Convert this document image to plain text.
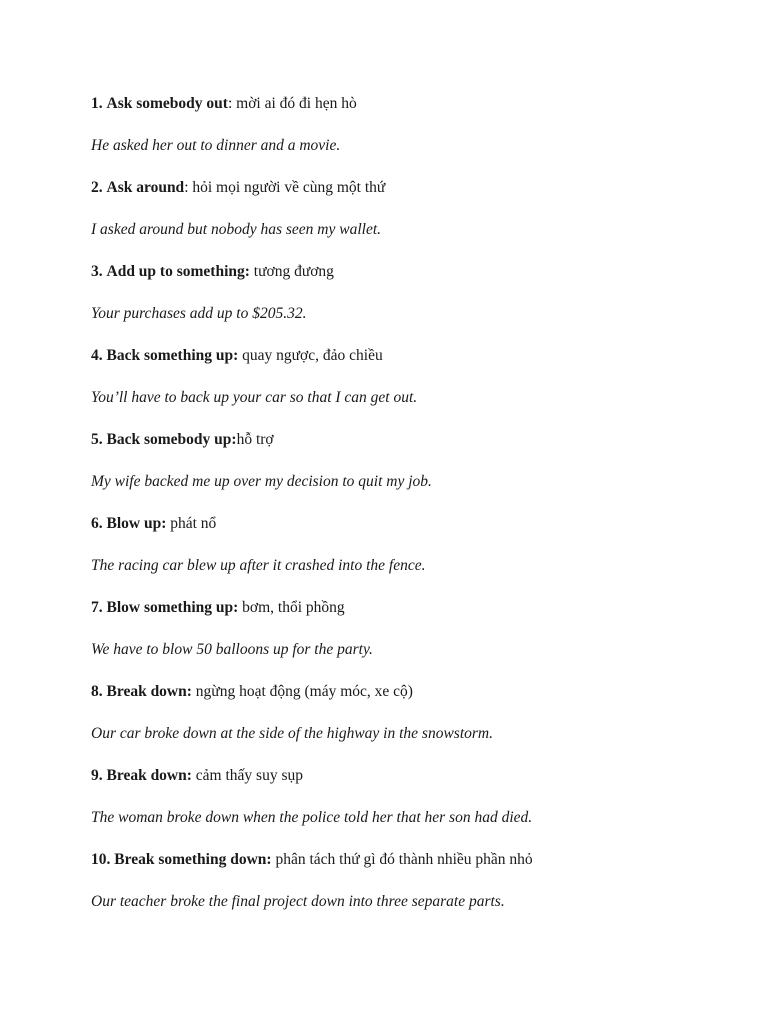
1. Ask somebody out: mời ai đó đi hẹn hò
He asked her out to dinner and a movie.
2. Ask around: hỏi mọi người về cùng một thứ
I asked around but nobody has seen my wallet.
3. Add up to something: tương đương
Your purchases add up to $205.32.
4. Back something up: quay ngược, đảo chiều
You’ll have to back up your car so that I can get out.
5. Back somebody up:hỗ trợ
My wife backed me up over my decision to quit my job.
6. Blow up: phát nổ
The racing car blew up after it crashed into the fence.
7. Blow something up: bơm, thổi phồng
We have to blow 50 balloons up for the party.
8. Break down: ngừng hoạt động (máy móc, xe cộ)
Our car broke down at the side of the highway in the snowstorm.
9. Break down: cảm thấy suy sụp
The woman broke down when the police told her that her son had died.
10. Break something down: phân tách thứ gì đó thành nhiều phần nhỏ
Our teacher broke the final project down into three separate parts.
